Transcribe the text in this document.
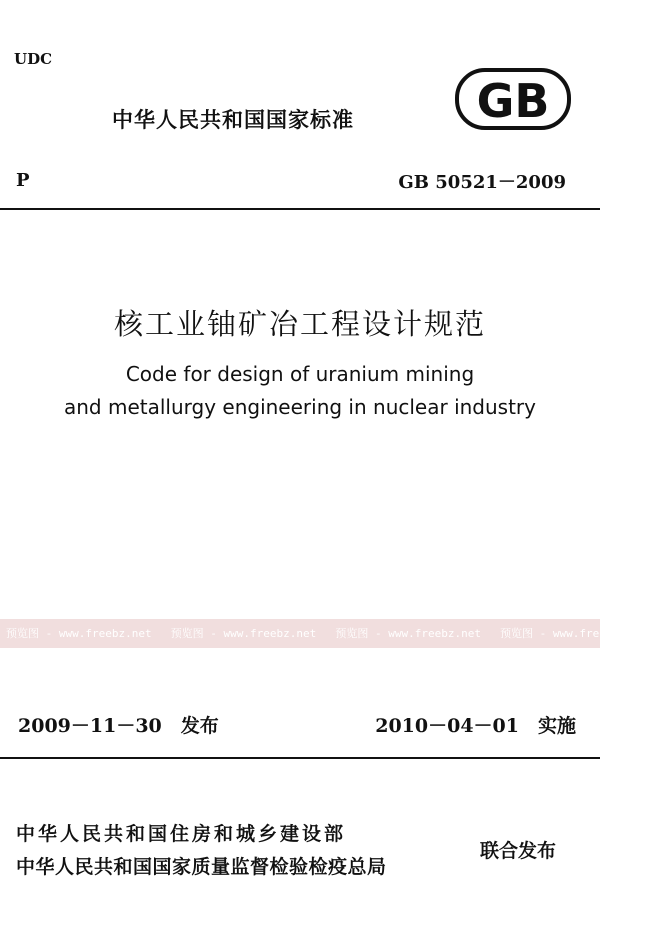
UDC
中华人民共和国国家标准	GB
P	GB 50521－2009
核工业铀矿冶工程设计规范
Code for design of uranium mining
and metallurgy engineering in nuclear industry
预览图 - www.freebz.net 预览图 - www.freebz.net 预览图 - www.freebz.net 预览图 - www.freebz.net
2009－11－30　发布	2010－04－01　实施
中华人民共和国住房和城乡建设部
中华人民共和国国家质量监督检验检疫总局
联合发布
